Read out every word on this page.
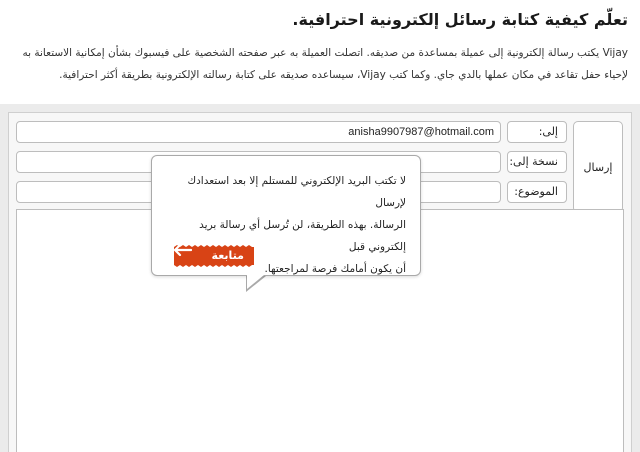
تعلّم كيفية كتابة رسائل إلكترونية احترافية.
Vijay يكتب رسالة إلكترونية إلى عميلة بمساعدة من صديقه. اتصلت العميلة به عبر صفحته الشخصية على فيسبوك بشأن إمكانية الاستعانة به
لإحياء حفل تقاعد في مكان عملها بالدي جاي. وكما كتب Vijay، سيساعده صديقه على كتابة رسالته الإلكترونية بطريقة أكثر احترافية.
إرسال
إلى:
anisha9907987@hotmail.com
نسخة إلى:
الموضوع:
لا تكتب البريد الإلكتروني للمستلم إلا بعد استعدادك لإرسال
الرسالة. بهذه الطريقة، لن تُرسل أي رسالة بريد إلكتروني قبل
أن يكون أمامك فرصة لمراجعتها.
متابعة
